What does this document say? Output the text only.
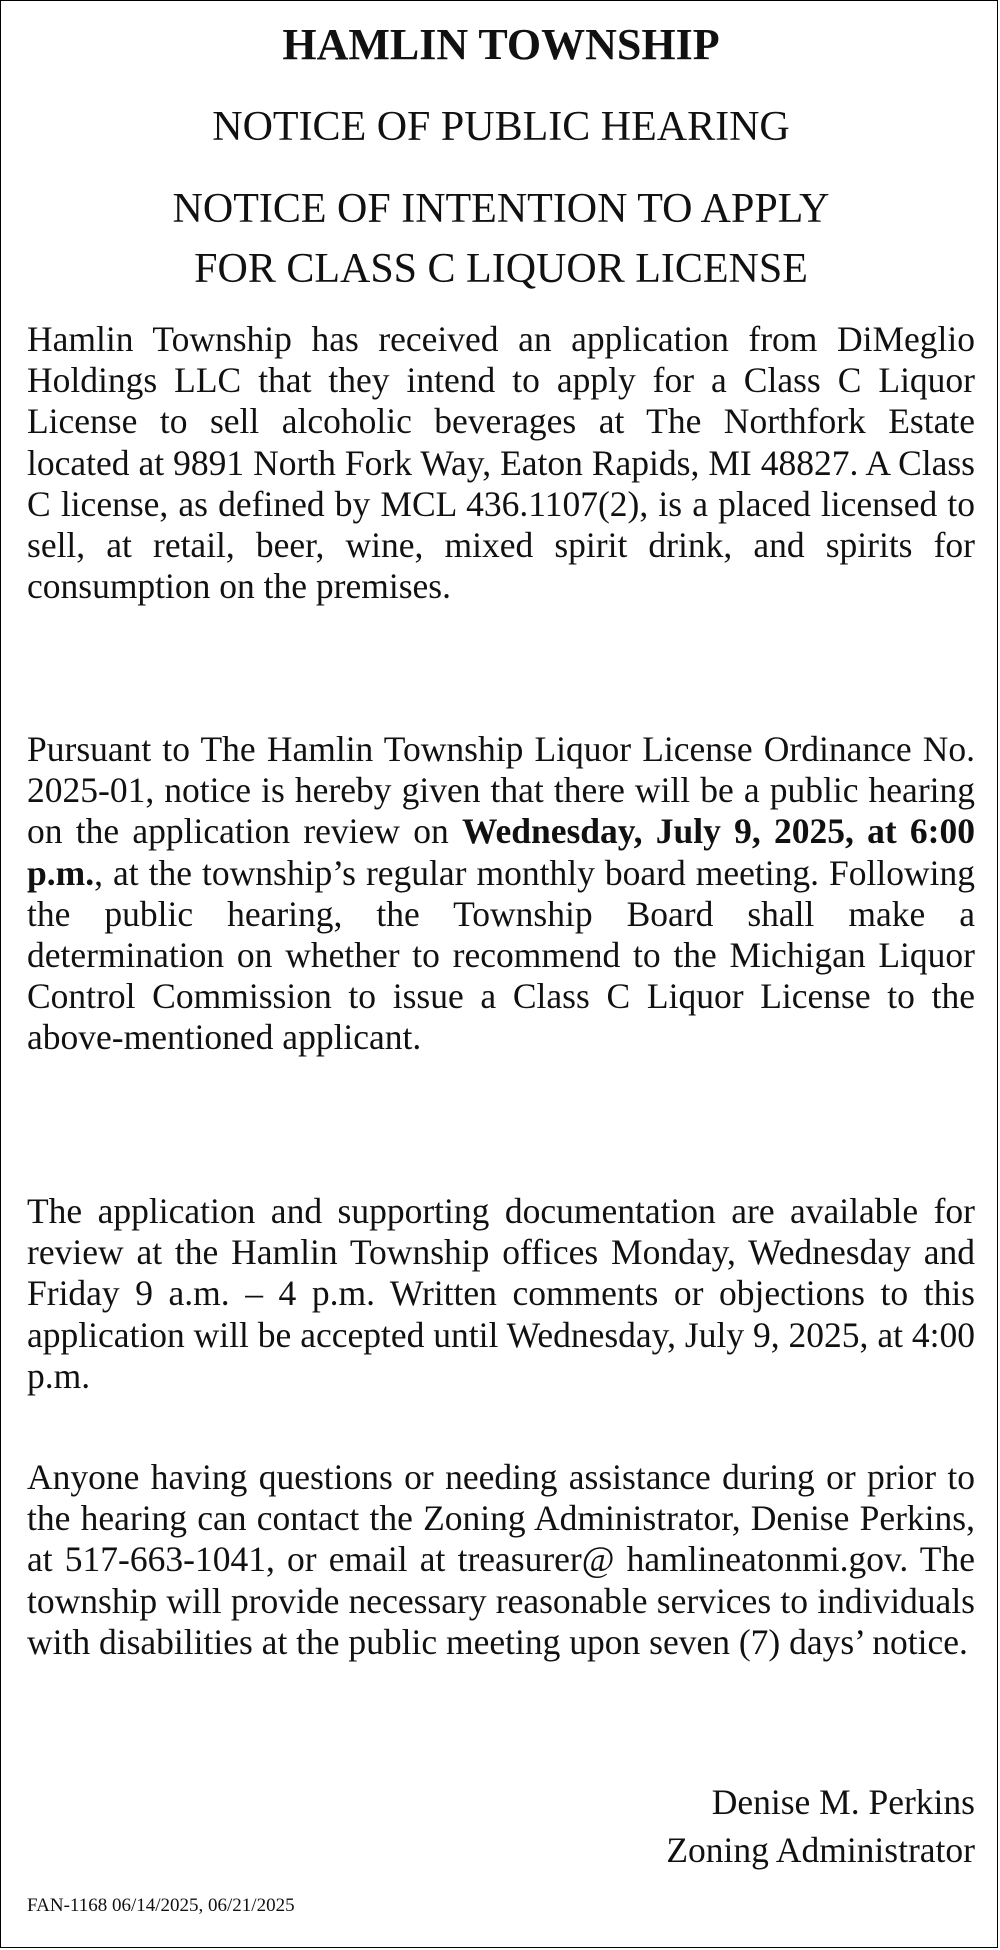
HAMLIN TOWNSHIP
NOTICE OF PUBLIC HEARING
NOTICE OF INTENTION TO APPLY
FOR CLASS C LIQUOR LICENSE

Hamlin Township has received an application from DiMeglio Holdings LLC that they intend to apply for a Class C Liquor License to sell alcoholic beverages at The Northfork Estate located at 9891 North Fork Way, Eaton Rapids, MI 48827. A Class C license, as defined by MCL 436.1107(2), is a placed licensed to sell, at retail, beer, wine, mixed spirit drink, and spirits for consumption on the premises.

Pursuant to The Hamlin Township Liquor License Ordinance No. 2025-01, notice is hereby given that there will be a public hearing on the application review on Wednesday, July 9, 2025, at 6:00 p.m., at the township’s regular monthly board meeting. Following the public hearing, the Township Board shall make a determination on whether to recommend to the Michigan Liquor Control Commission to issue a Class C Liquor License to the above-mentioned applicant.

The application and supporting documentation are available for review at the Hamlin Township offices Monday, Wednesday and Friday 9 a.m. – 4 p.m. Written comments or objections to this application will be accepted until Wednesday, July 9, 2025, at 4:00 p.m.

Anyone having questions or needing assistance during or prior to the hearing can contact the Zoning Administrator, Denise Perkins, at 517-663-1041, or email at treasurer@ hamlineatonmi.gov. The township will provide necessary reasonable services to individuals with disabilities at the public meeting upon seven (7) days’ notice.

Denise M. Perkins
Zoning Administrator
FAN-1168 06/14/2025, 06/21/2025
